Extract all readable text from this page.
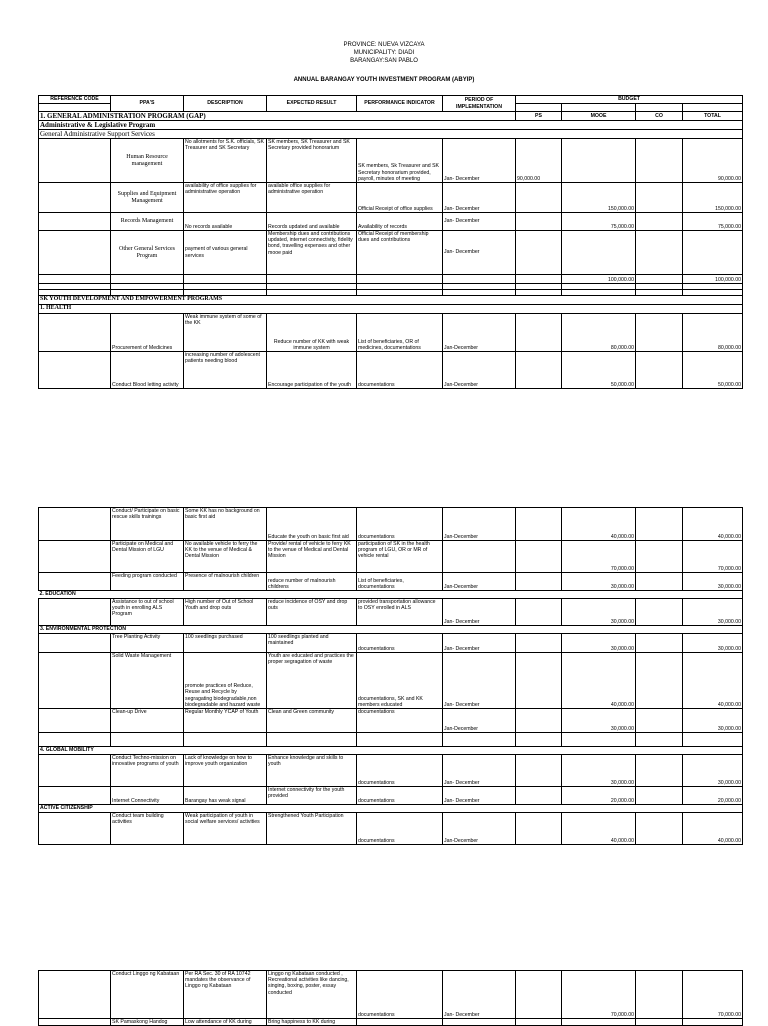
PROVINCE: NUEVA VIZCAYA
MUNICIPALITY: DIADI
BARANGAY:SAN PABLO
ANNUAL BARANGAY YOUTH INVESTMENT PROGRAM (ABYIP)
REFERENCE CODE	PPA'S	DESCRIPTION	EXPECTED RESULT	PERFORMANCE INDICATOR	PERIOD OF IMPLEMENTATION	BUDGET			

1. GENERAL ADMINISTRATION PROGRAM (GAP)						PS	MOOE	CO	TOTAL
Administrative & Legislative Program									
General Administrative Support Services									
	Human Resource management	No allotments for S.K. officials, SK Treasurer and SK Secretary	SK members, SK Treasurer and SK Secretary provided honorarium	SK members, Sk Treasurer and SK Secretary honorarium provided, payroll, minutes of meeting	Jan- December	90,000.00			90,000.00
	Supplies and Equipment Management	availability of office supplies for administrative operation	available office supplies for administrative operation	Official Receipt of office supplies	Jan- December		150,000.00		150,000.00
	Records Management	No records available	Records updated and available	Availability of records	Jan- December		75,000.00		75,000.00
	Other General Services Program	payment of various general services	Membership dues and contributions updated, internet connectivity, fidelity bond, travelling expenses and other mooe paid	Official Receipt of membership dues and contributions	Jan- December				
							100,000.00		100,000.00

SK YOUTH DEVELOPMENT AND EMPOWERMENT PROGRAMS									
1. HEALTH									
	Procurement of Medicines	Weak immune system of some of the KK	Reduce number of KK with weak immune system	List of beneficiaries, OR of medicines, documentations	Jan-December		80,000.00		80,000.00
	Conduct Blood letting activity	increasing number of adolescent patients needing blood	Encourage participation of the youth	documentations	Jan-December		50,000.00		50,000.00
	Conduct/ Participate on basic rescue skills trainings	Some KK has no background on basic first aid	Educate the youth on basic first aid	documentations	Jan-December		40,000.00		40,000.00
	Participate on Medical and Dental Mission of LGU	No available vehicle to ferry the KK to the venue of Medical & Dental Mission	Provide/ rental of vehicle to ferry KK to the venue of Medical and Dental Mission	participation of SK in the health program of LGU, OR or MR of vehicle rental			70,000.00		70,000.00
	Feeding program conducted	Presence of malnourish children	reduce number of malnourish childrens	List of beneficiaries, documentations	Jan-December		30,000.00		30,000.00
2. EDUCATION									
	Assistance to out of school youth in enrolling ALS Program	High number of Out of School Youth and drop outs	reduce incidence of OSY and drop outs	provided transportation allowance to OSY enrolled in ALS	Jan- December		30,000.00		30,000.00
3. ENVIRONMENTAL PROTECTION									
	Tree Planting Activity	100 seedlings purchased	100 seedlings planted and maintained	documentations	Jan- December		30,000.00		30,000.00
	Solid Waste Management	promote practices of Reduce, Reuse and Recycle by segragating biodegradable,non biodegradable and hazard waste	Youth are educated and practices the proper segragation of waste	documentations, SK and KK members educated	Jan- December		40,000.00		40,000.00
	Clean-up Drive	Regular Monthly YCAP of Youth	Clean and Green community	documentations	Jan-December		30,000.00		30,000.00

4. GLOBAL MOBILITY									
	Conduct Techno-mission on innovative programs of youth	Lack of knowledge on how to improve youth organization	Enhance knowledge and skills to youth	documentations	Jan- December		30,000.00		30,000.00
	Internet Connectivity	Barangay has weak signal	Internet connectivity for the youth provided	documentations	Jan- December		20,000.00		20,000.00
ACTIVE CITIZENSHIP									
	Conduct team building activities	Weak participation of youth in social welfare services/ activities	Strengthened Youth Participation	documentations	Jan-December		40,000.00		40,000.00
	Conduct Linggo ng Kabataan	Per RA Sec. 30 of RA 10742 mandates the observance of Linggo ng Kabataan	Linggo ng Kabataan conducted , Recreational activities like dancing, singing, boxing, poster, essay conducted	documentations	Jan- December		70,000.00		70,000.00
	SK Pamaskong Handog	Low attendance of KK during	Bring happiness to KK during						
